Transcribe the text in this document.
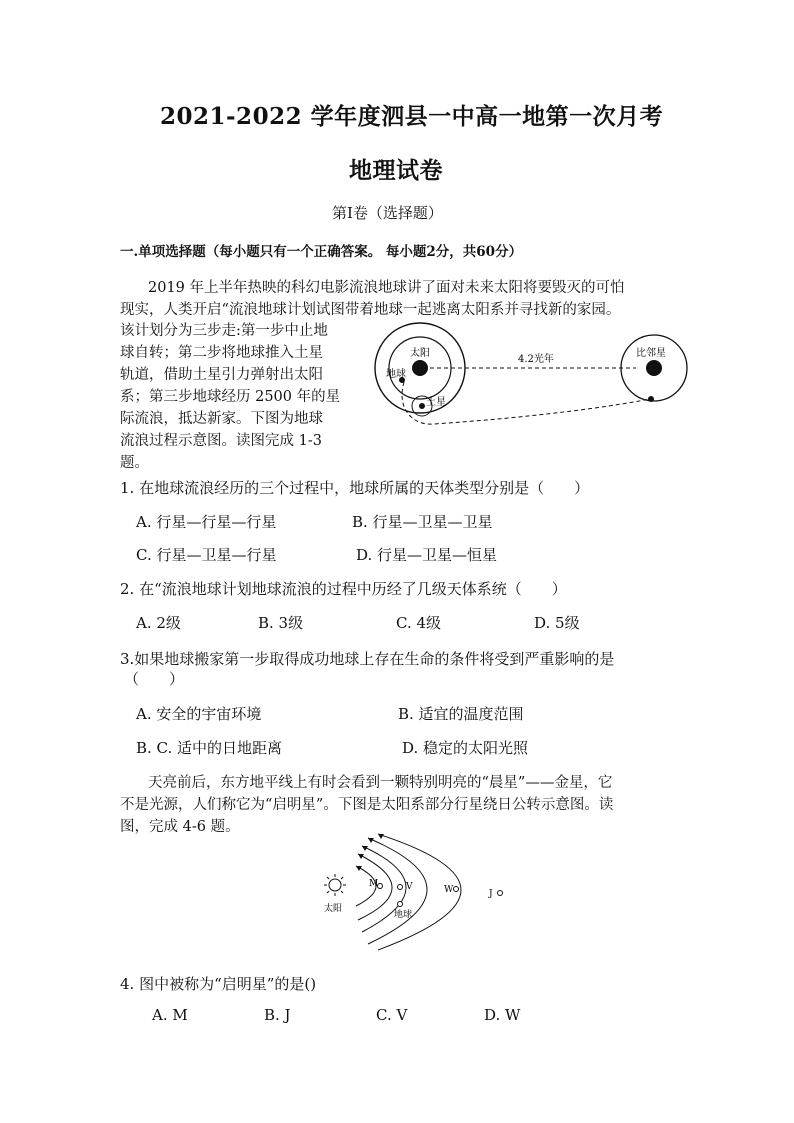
2021-2022 学年度泗县一中高一地第一次月考
地理试卷
第I卷（选择题）
一.单项选择题（每小题只有一个正确答案。 每小题2分，共60分）
2019 年上半年热映的科幻电影流浪地球讲了面对未来太阳将要毁灭的可怕
现实，人类开启“流浪地球计划试图带着地球一起逃离太阳系并寻找新的家园。
该计划分为三步走:第一步中止地
球自转；第二步将地球推入土星
轨道，借助土星引力弹射出太阳
系；第三步地球经历 2500 年的星
际流浪，抵达新家。下图为地球
流浪过程示意图。读图完成 1-3
题。
太阳
地球
土星
4.2光年
比邻星
1. 在地球流浪经历的三个过程中，地球所属的天体类型分别是（　　）
A. 行星—行星—行星	B. 行星—卫星—卫星
C. 行星—卫星—行星	D. 行星—卫星—恒星
2. 在“流浪地球计划地球流浪的过程中历经了几级天体系统（　　）
A. 2级	B. 3级	C. 4级	D. 5级
3.如果地球搬家第一步取得成功地球上存在生命的条件将受到严重影响的是
（　　）
A. 安全的宇宙环境	B. 适宜的温度范围
B. C. 适中的日地距离	D. 稳定的太阳光照
天亮前后，东方地平线上有时会看到一颗特别明亮的“晨星”——金星，它
不是光源，人们称它为“启明星”。下图是太阳系部分行星绕日公转示意图。读
图，完成 4-6 题。
太阳
M	V
地球
W	J
4. 图中被称为“启明星”的是()
A. M	B. J	C. V	D. W
